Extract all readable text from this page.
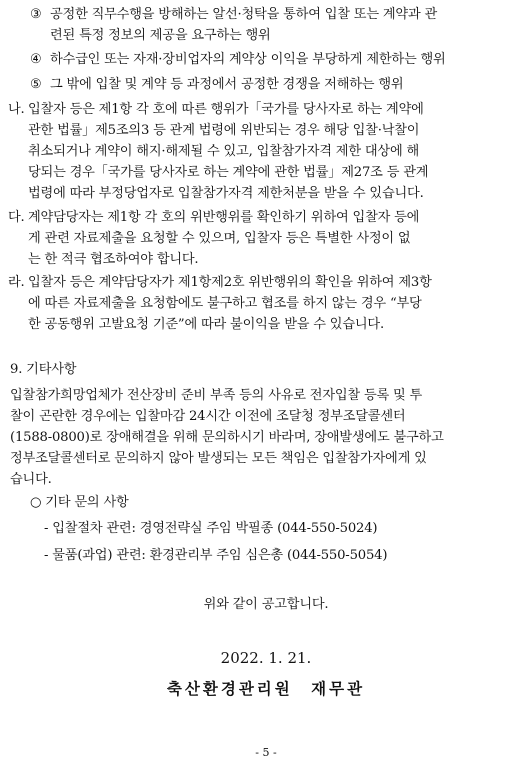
③ 공정한 직무수행을 방해하는 알선·청탁을 통하여 입찰 또는 계약과 관
련된 특정 정보의 제공을 요구하는 행위
④ 하수급인 또는 자재·장비업자의 계약상 이익을 부당하게 제한하는 행위
⑤ 그 밖에 입찰 및 계약 등 과정에서 공정한 경쟁을 저해하는 행위
나. 입찰자 등은 제1항 각 호에 따른 행위가「국가를 당사자로 하는 계약에
관한 법률」제5조의3 등 관계 법령에 위반되는 경우 해당 입찰·낙찰이
취소되거나 계약이 해지·해제될 수 있고, 입찰참가자격 제한 대상에 해
당되는 경우「국가를 당사자로 하는 계약에 관한 법률」제27조 등 관계
법령에 따라 부정당업자로 입찰참가자격 제한처분을 받을 수 있습니다.
다. 계약담당자는 제1항 각 호의 위반행위를 확인하기 위하여 입찰자 등에
게 관련 자료제출을 요청할 수 있으며, 입찰자 등은 특별한 사정이 없
는 한 적극 협조하여야 합니다.
라. 입찰자 등은 계약담당자가 제1항제2호 위반행위의 확인을 위하여 제3항
에 따른 자료제출을 요청함에도 불구하고 협조를 하지 않는 경우 “부당
한 공동행위 고발요청 기준”에 따라 불이익을 받을 수 있습니다.
9. 기타사항
입찰참가희망업체가 전산장비 준비 부족 등의 사유로 전자입찰 등록 및 투
찰이 곤란한 경우에는 입찰마감 24시간 이전에 조달청 정부조달콜센터
(1588-0800)로 장애해결을 위해 문의하시기 바라며, 장애발생에도 불구하고
정부조달콜센터로 문의하지 않아 발생되는 모든 책임은 입찰참가자에게 있
습니다.
○ 기타 문의 사항
- 입찰절차 관련: 경영전략실 주임 박필종 (044-550-5024)
- 물품(과업) 관련: 환경관리부 주임 심은총 (044-550-5054)
위와 같이 공고합니다.
2022. 1. 21.
축산환경관리원 재무관
- 5 -
